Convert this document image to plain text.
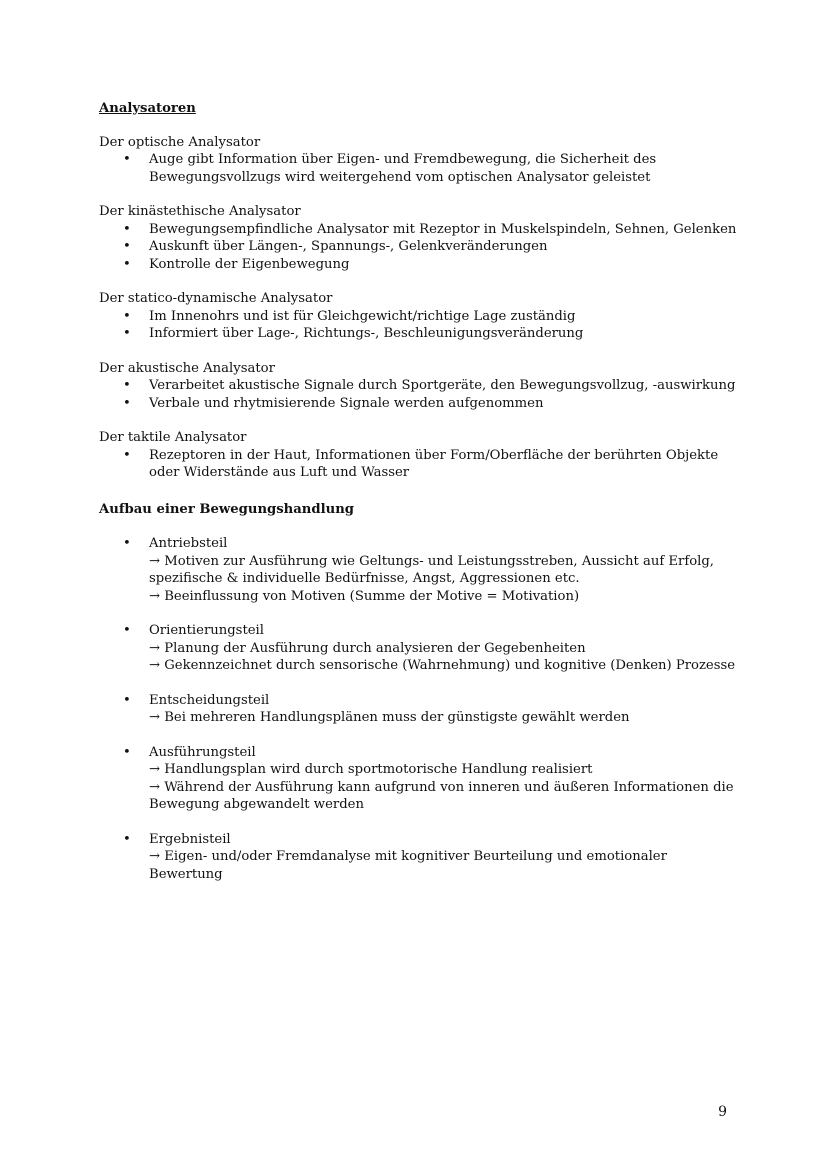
Analysatoren

Der optische Analysator

• Auge gibt Information über Eigen- und Fremdbewegung, die Sicherheit des Bewegungsvollzugs wird weitergehend vom optischen Analysator geleistet

Der kinästethische Analysator

• Bewegungsempfindliche Analysator mit Rezeptor in Muskelspindeln, Sehnen, Gelenken
• Auskunft über Längen-, Spannungs-, Gelenkveränderungen
• Kontrolle der Eigenbewegung

Der statico-dynamische Analysator

• Im Innenohrs und ist für Gleichgewicht/richtige Lage zuständig
• Informiert über Lage-, Richtungs-, Beschleunigungsveränderung

Der akustische Analysator

• Verarbeitet akustische Signale durch Sportgeräte, den Bewegungsvollzug, -auswirkung
• Verbale und rhytmisierende Signale werden aufgenommen

Der taktile Analysator

• Rezeptoren in der Haut, Informationen über Form/Oberfläche der berührten Objekte oder Widerstände aus Luft und Wasser
Aufbau einer Bewegungshandlung
• Antriebsteil
→ Motiven zur Ausführung wie Geltungs- und Leistungsstreben, Aussicht auf Erfolg, spezifische & individuelle Bedürfnisse, Angst, Aggressionen etc.
→ Beeinflussung von Motiven (Summe der Motive = Motivation)
• Orientierungsteil
→ Planung der Ausführung durch analysieren der Gegebenheiten
→ Gekennzeichnet durch sensorische (Wahrnehmung) und kognitive (Denken) Prozesse
• Entscheidungsteil
→ Bei mehreren Handlungsplänen muss der günstigste gewählt werden
• Ausführungsteil
→ Handlungsplan wird durch sportmotorische Handlung realisiert
→ Während der Ausführung kann aufgrund von inneren und äußeren Informationen die Bewegung abgewandelt werden
• Ergebnisteil
→ Eigen- und/oder Fremdanalyse mit kognitiver Beurteilung und emotionaler Bewertung
9
